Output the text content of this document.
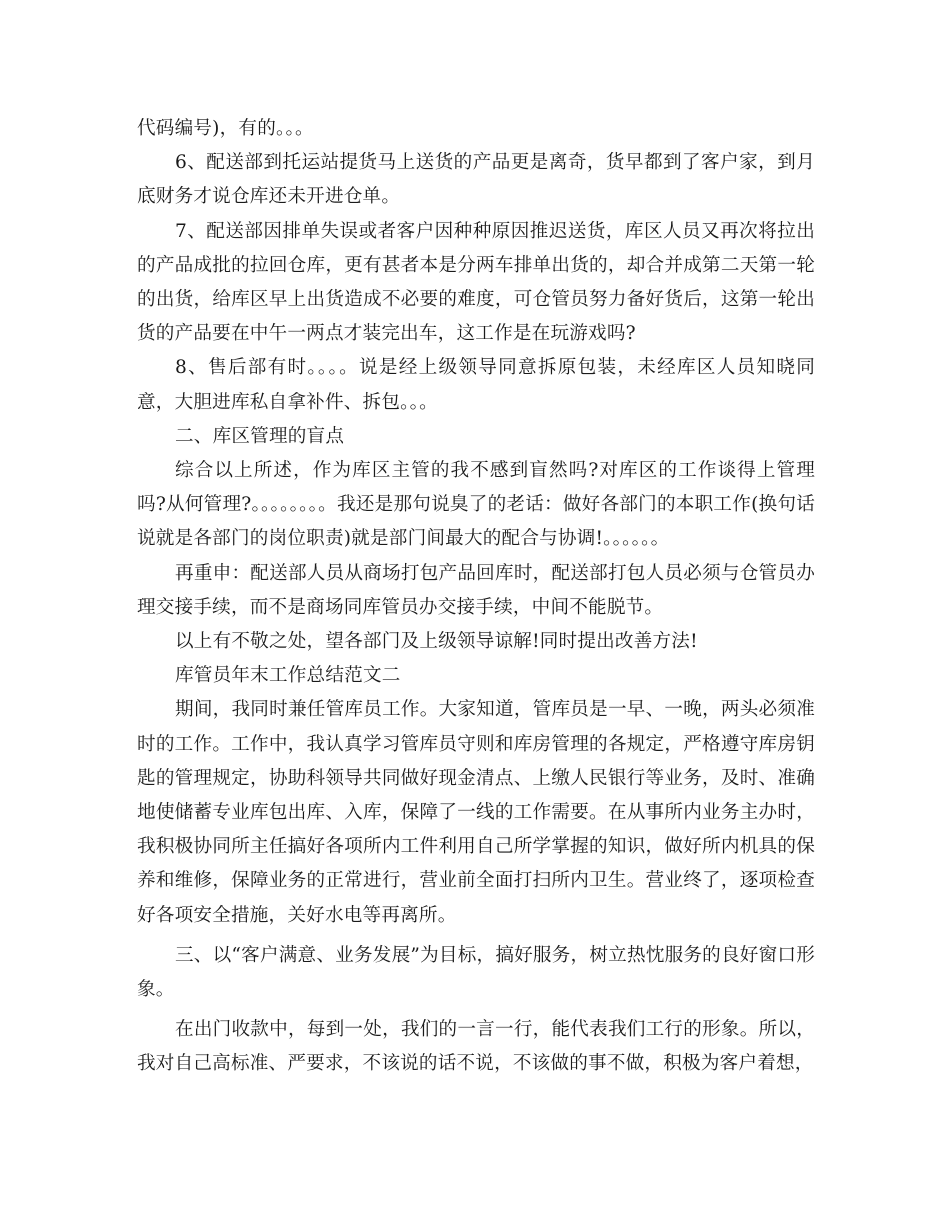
代码编号)，有的。。。

6、配送部到托运站提货马上送货的产品更是离奇，货早都到了客户家，到月底财务才说仓库还未开进仓单。

7、配送部因排单失误或者客户因种种原因推迟送货，库区人员又再次将拉出的产品成批的拉回仓库，更有甚者本是分两车排单出货的，却合并成第二天第一轮的出货，给库区早上出货造成不必要的难度，可仓管员努力备好货后，这第一轮出货的产品要在中午一两点才装完出车，这工作是在玩游戏吗?

8、售后部有时。。。。说是经上级领导同意拆原包装，未经库区人员知晓同意，大胆进库私自拿补件、拆包。。。

二、库区管理的盲点

综合以上所述，作为库区主管的我不感到盲然吗?对库区的工作谈得上管理吗?从何管理?。。。。。。。。我还是那句说臭了的老话：做好各部门的本职工作(换句话说就是各部门的岗位职责)就是部门间最大的配合与协调!。。。。。。

再重申：配送部人员从商场打包产品回库时，配送部打包人员必须与仓管员办理交接手续，而不是商场同库管员办交接手续，中间不能脱节。

以上有不敬之处，望各部门及上级领导谅解!同时提出改善方法!

库管员年末工作总结范文二

期间，我同时兼任管库员工作。大家知道，管库员是一早、一晚，两头必须准时的工作。工作中，我认真学习管库员守则和库房管理的各规定，严格遵守库房钥匙的管理规定，协助科领导共同做好现金清点、上缴人民银行等业务，及时、准确地使储蓄专业库包出库、入库，保障了一线的工作需要。在从事所内业务主办时，我积极协同所主任搞好各项所内工件利用自己所学掌握的知识，做好所内机具的保养和维修，保障业务的正常进行，营业前全面打扫所内卫生。营业终了，逐项检查好各项安全措施，关好水电等再离所。

三、以“客户满意、业务发展”为目标，搞好服务，树立热忱服务的良好窗口形象。

在出门收款中，每到一处，我们的一言一行，能代表我们工行的形象。所以，我对自己高标准、严要求，不该说的话不说，不该做的事不做，积极为客户着想，
